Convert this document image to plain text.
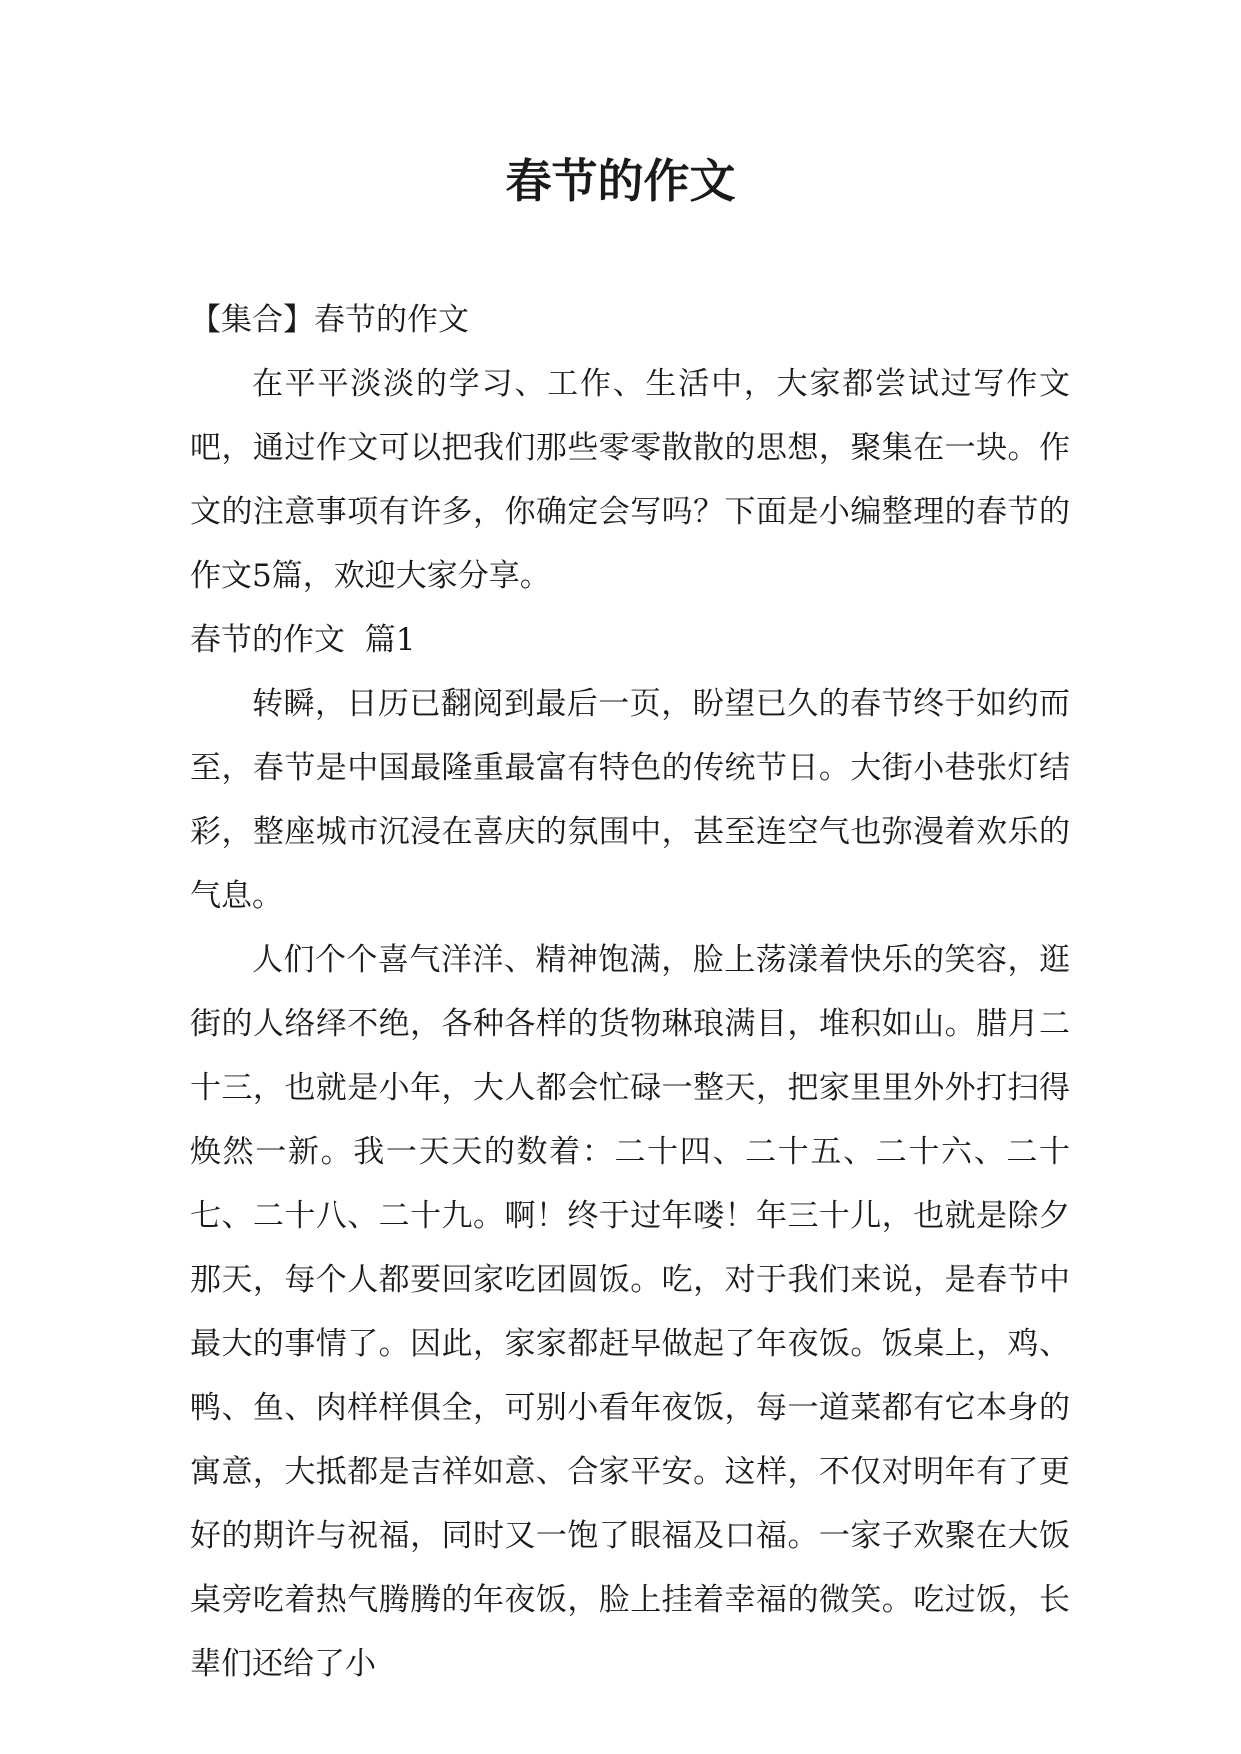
春节的作文

【集合】春节的作文

在平平淡淡的学习、工作、生活中，大家都尝试过写作文吧，通过作文可以把我们那些零零散散的思想，聚集在一块。作文的注意事项有许多，你确定会写吗？下面是小编整理的春节的作文5篇，欢迎大家分享。

春节的作文  篇1

转瞬，日历已翻阅到最后一页，盼望已久的春节终于如约而至，春节是中国最隆重最富有特色的传统节日。大街小巷张灯结彩，整座城市沉浸在喜庆的氛围中，甚至连空气也弥漫着欢乐的气息。

人们个个喜气洋洋、精神饱满，脸上荡漾着快乐的笑容，逛街的人络绎不绝，各种各样的货物琳琅满目，堆积如山。腊月二十三，也就是小年，大人都会忙碌一整天，把家里里外外打扫得焕然一新。我一天天的数着：二十四、二十五、二十六、二十七、二十八、二十九。啊！终于过年喽！年三十儿，也就是除夕那天，每个人都要回家吃团圆饭。吃，对于我们来说，是春节中最大的事情了。因此，家家都赶早做起了年夜饭。饭桌上，鸡、鸭、鱼、肉样样俱全，可别小看年夜饭，每一道菜都有它本身的寓意，大抵都是吉祥如意、合家平安。这样，不仅对明年有了更好的期许与祝福，同时又一饱了眼福及口福。一家子欢聚在大饭桌旁吃着热气腾腾的年夜饭，脸上挂着幸福的微笑。吃过饭，长辈们还给了小
